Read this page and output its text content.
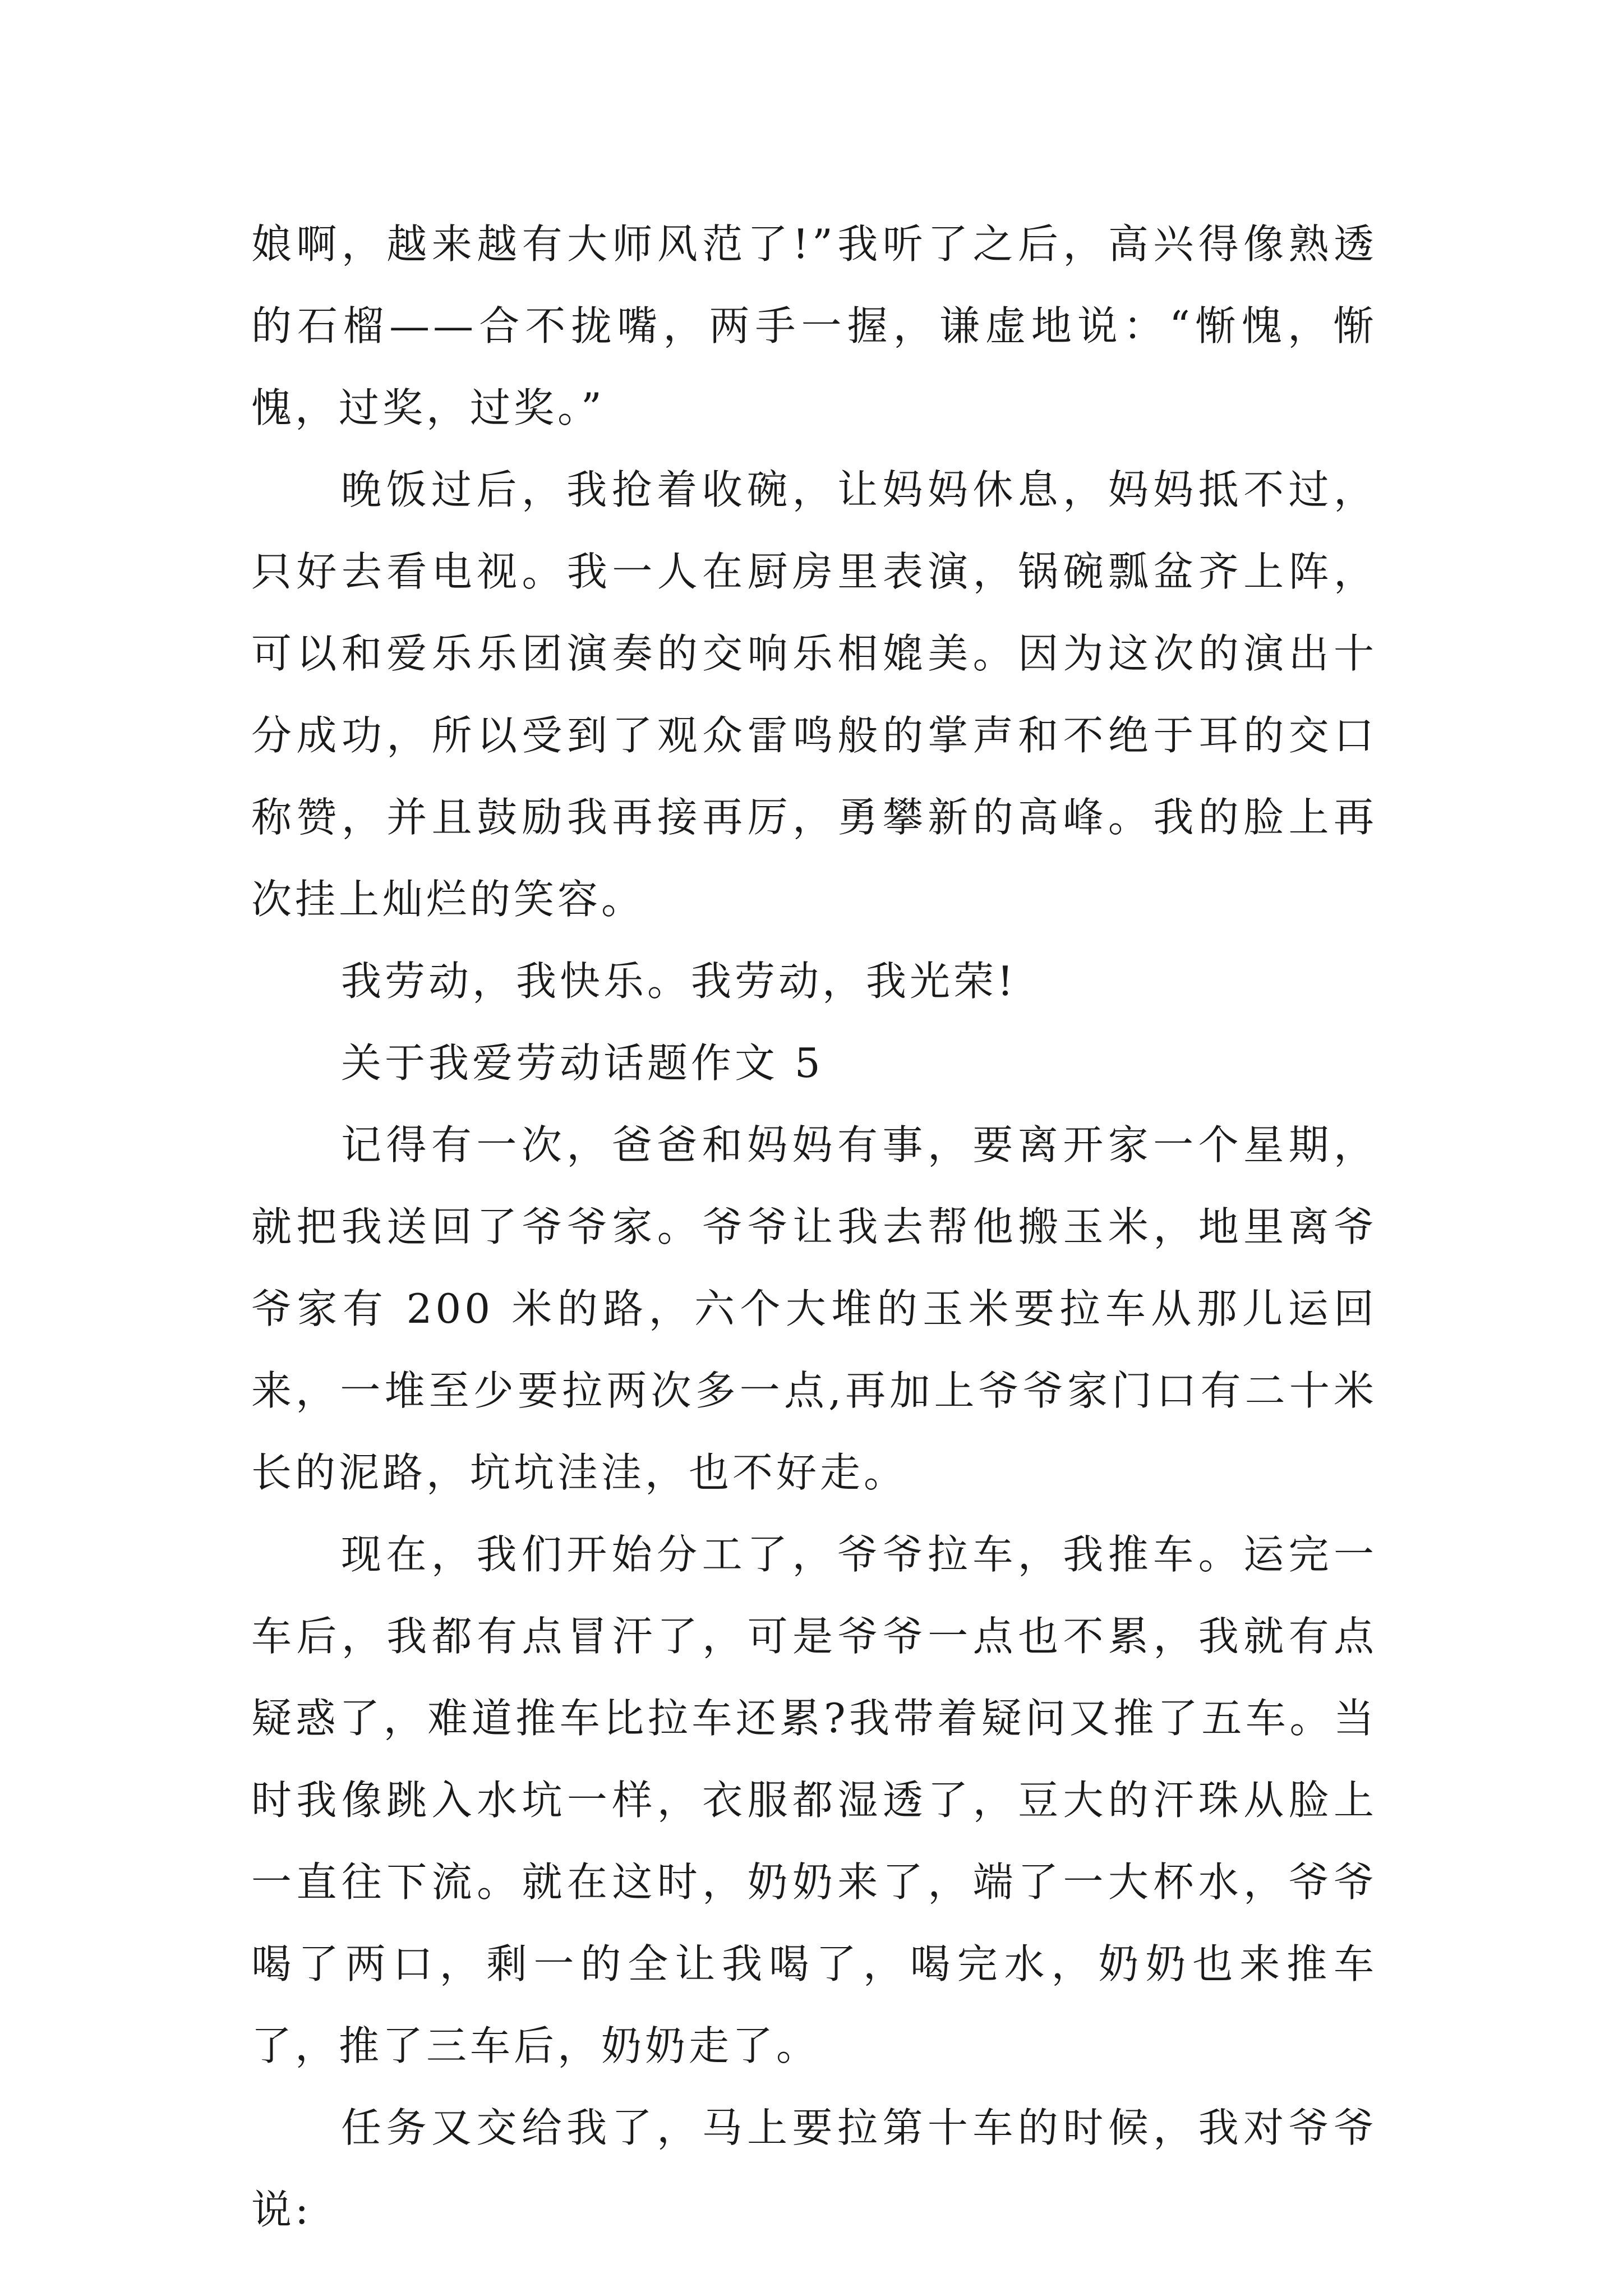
娘啊，越来越有大师风范了!”我听了之后，高兴得像熟透的石榴——合不拢嘴，两手一握，谦虚地说：“惭愧，惭愧，过奖，过奖。”

晚饭过后，我抢着收碗，让妈妈休息，妈妈抵不过，只好去看电视。我一人在厨房里表演，锅碗瓢盆齐上阵，可以和爱乐乐团演奏的交响乐相媲美。因为这次的演出十分成功，所以受到了观众雷鸣般的掌声和不绝于耳的交口称赞，并且鼓励我再接再厉，勇攀新的高峰。我的脸上再次挂上灿烂的笑容。

我劳动，我快乐。我劳动，我光荣!

关于我爱劳动话题作文 5

记得有一次，爸爸和妈妈有事，要离开家一个星期，就把我送回了爷爷家。爷爷让我去帮他搬玉米，地里离爷爷家有 200 米的路，六个大堆的玉米要拉车从那儿运回来，一堆至少要拉两次多一点,再加上爷爷家门口有二十米长的泥路，坑坑洼洼，也不好走。

现在，我们开始分工了，爷爷拉车，我推车。运完一车后，我都有点冒汗了，可是爷爷一点也不累，我就有点疑惑了，难道推车比拉车还累?我带着疑问又推了五车。当时我像跳入水坑一样，衣服都湿透了，豆大的汗珠从脸上一直往下流。就在这时，奶奶来了，端了一大杯水，爷爷喝了两口，剩一的全让我喝了，喝完水，奶奶也来推车了，推了三车后，奶奶走了。

任务又交给我了，马上要拉第十车的时候，我对爷爷说:
